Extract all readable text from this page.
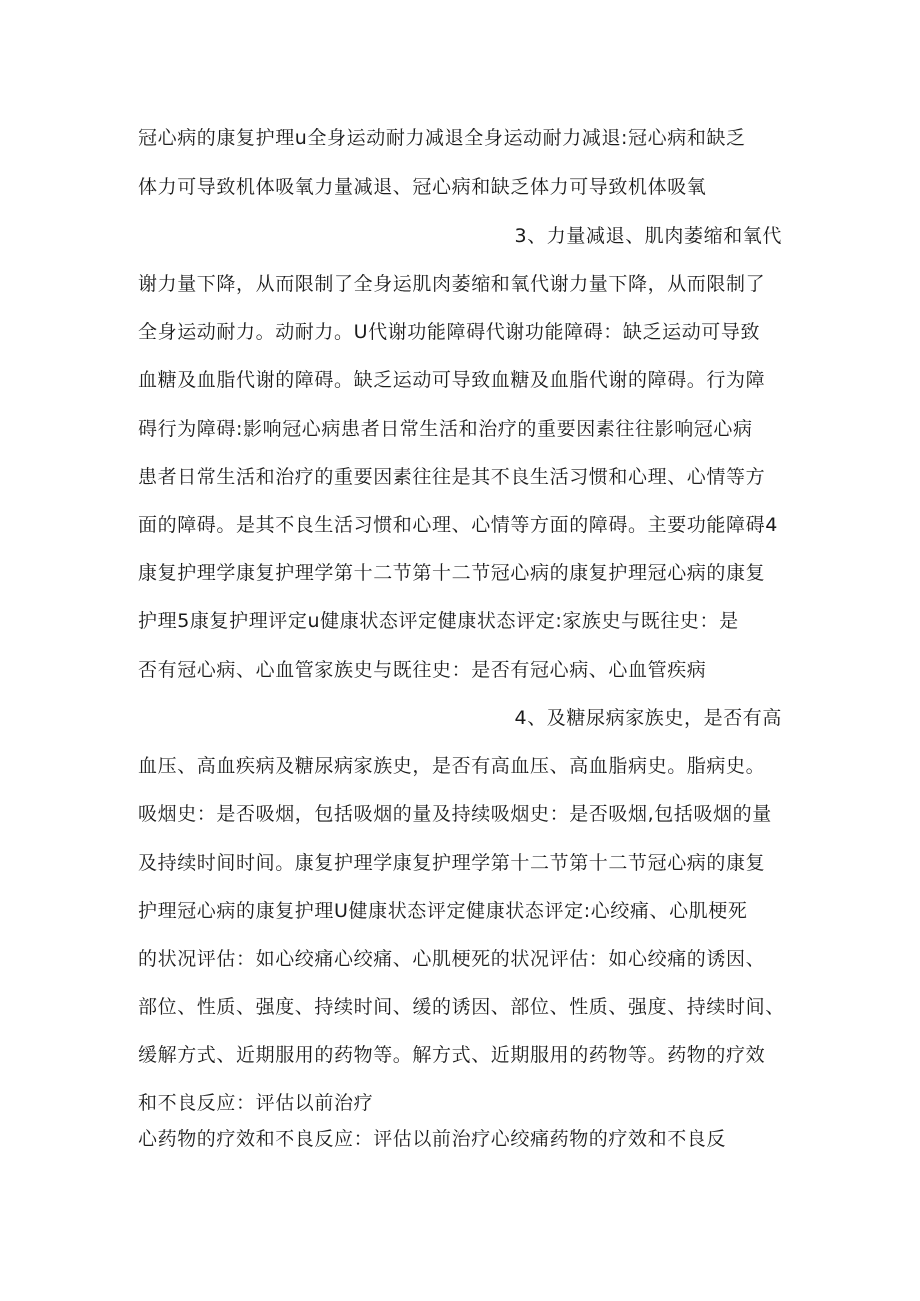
冠心病的康复护理u全身运动耐力减退全身运动耐力减退:冠心病和缺乏
体力可导致机体吸氧力量减退、冠心病和缺乏体力可导致机体吸氧
3、力量减退、肌肉萎缩和氧代
谢力量下降，从而限制了全身运肌肉萎缩和氧代谢力量下降，从而限制了
全身运动耐力。动耐力。U代谢功能障碍代谢功能障碍：缺乏运动可导致
血糖及血脂代谢的障碍。缺乏运动可导致血糖及血脂代谢的障碍。行为障
碍行为障碍:影响冠心病患者日常生活和治疗的重要因素往往影响冠心病
患者日常生活和治疗的重要因素往往是其不良生活习惯和心理、心情等方
面的障碍。是其不良生活习惯和心理、心情等方面的障碍。主要功能障碍4
康复护理学康复护理学第十二节第十二节冠心病的康复护理冠心病的康复
护理5康复护理评定u健康状态评定健康状态评定:家族史与既往史：是
否有冠心病、心血管家族史与既往史：是否有冠心病、心血管疾病
4、及糖尿病家族史，是否有高
血压、高血疾病及糖尿病家族史，是否有高血压、高血脂病史。脂病史。
吸烟史：是否吸烟，包括吸烟的量及持续吸烟史：是否吸烟,包括吸烟的量
及持续时间时间。康复护理学康复护理学第十二节第十二节冠心病的康复
护理冠心病的康复护理U健康状态评定健康状态评定:心绞痛、心肌梗死
的状况评估：如心绞痛心绞痛、心肌梗死的状况评估：如心绞痛的诱因、
部位、性质、强度、持续时间、缓的诱因、部位、性质、强度、持续时间、
缓解方式、近期服用的药物等。解方式、近期服用的药物等。药物的疗效
和不良反应：评估以前治疗
心药物的疗效和不良反应：评估以前治疗心绞痛药物的疗效和不良反
